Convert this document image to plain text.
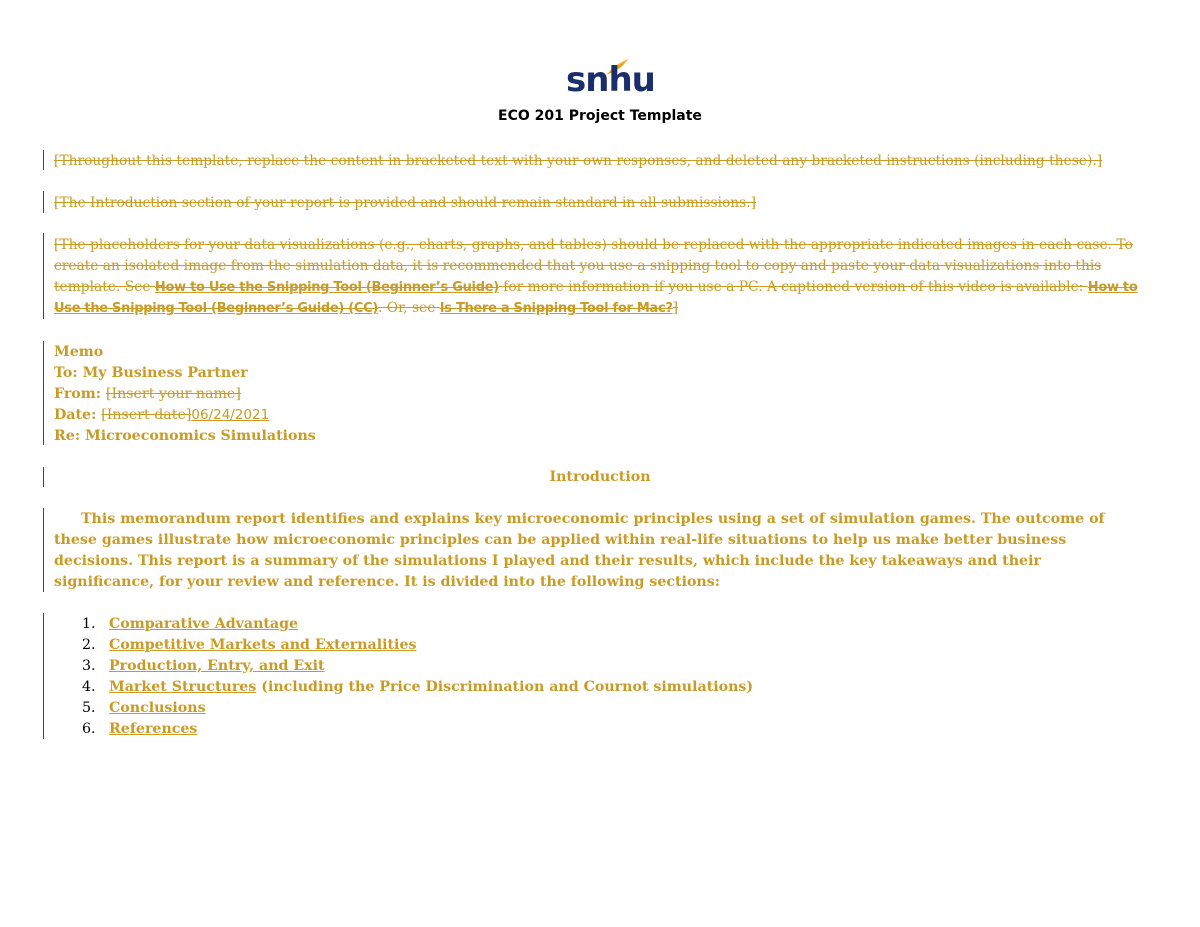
snhu
ECO 201 Project Template
[Throughout this template, replace the content in bracketed text with your own responses, and deleted any bracketed instructions (including these).]
[The Introduction section of your report is provided and should remain standard in all submissions.]
[The placeholders for your data visualizations (e.g., charts, graphs, and tables) should be replaced with the appropriate indicated images in each case. To create an isolated image from the simulation data, it is recommended that you use a snipping tool to copy and paste your data visualizations into this template. See How to Use the Snipping Tool (Beginner’s Guide) for more information if you use a PC. A captioned version of this video is available: How to Use the Snipping Tool (Beginner’s Guide) (CC). Or, see Is There a Snipping Tool for Mac?]
Memo
To: My Business Partner
From: [Insert your name]
Date: [Insert date]06/24/2021
Re: Microeconomics Simulations
Introduction
This memorandum report identifies and explains key microeconomic principles using a set of simulation games. The outcome of these games illustrate how microeconomic principles can be applied within real-life situations to help us make better business decisions. This report is a summary of the simulations I played and their results, which include the key takeaways and their significance, for your review and reference. It is divided into the following sections:
1. Comparative Advantage
2. Competitive Markets and Externalities
3. Production, Entry, and Exit
4. Market Structures (including the Price Discrimination and Cournot simulations)
5. Conclusions
6. References
